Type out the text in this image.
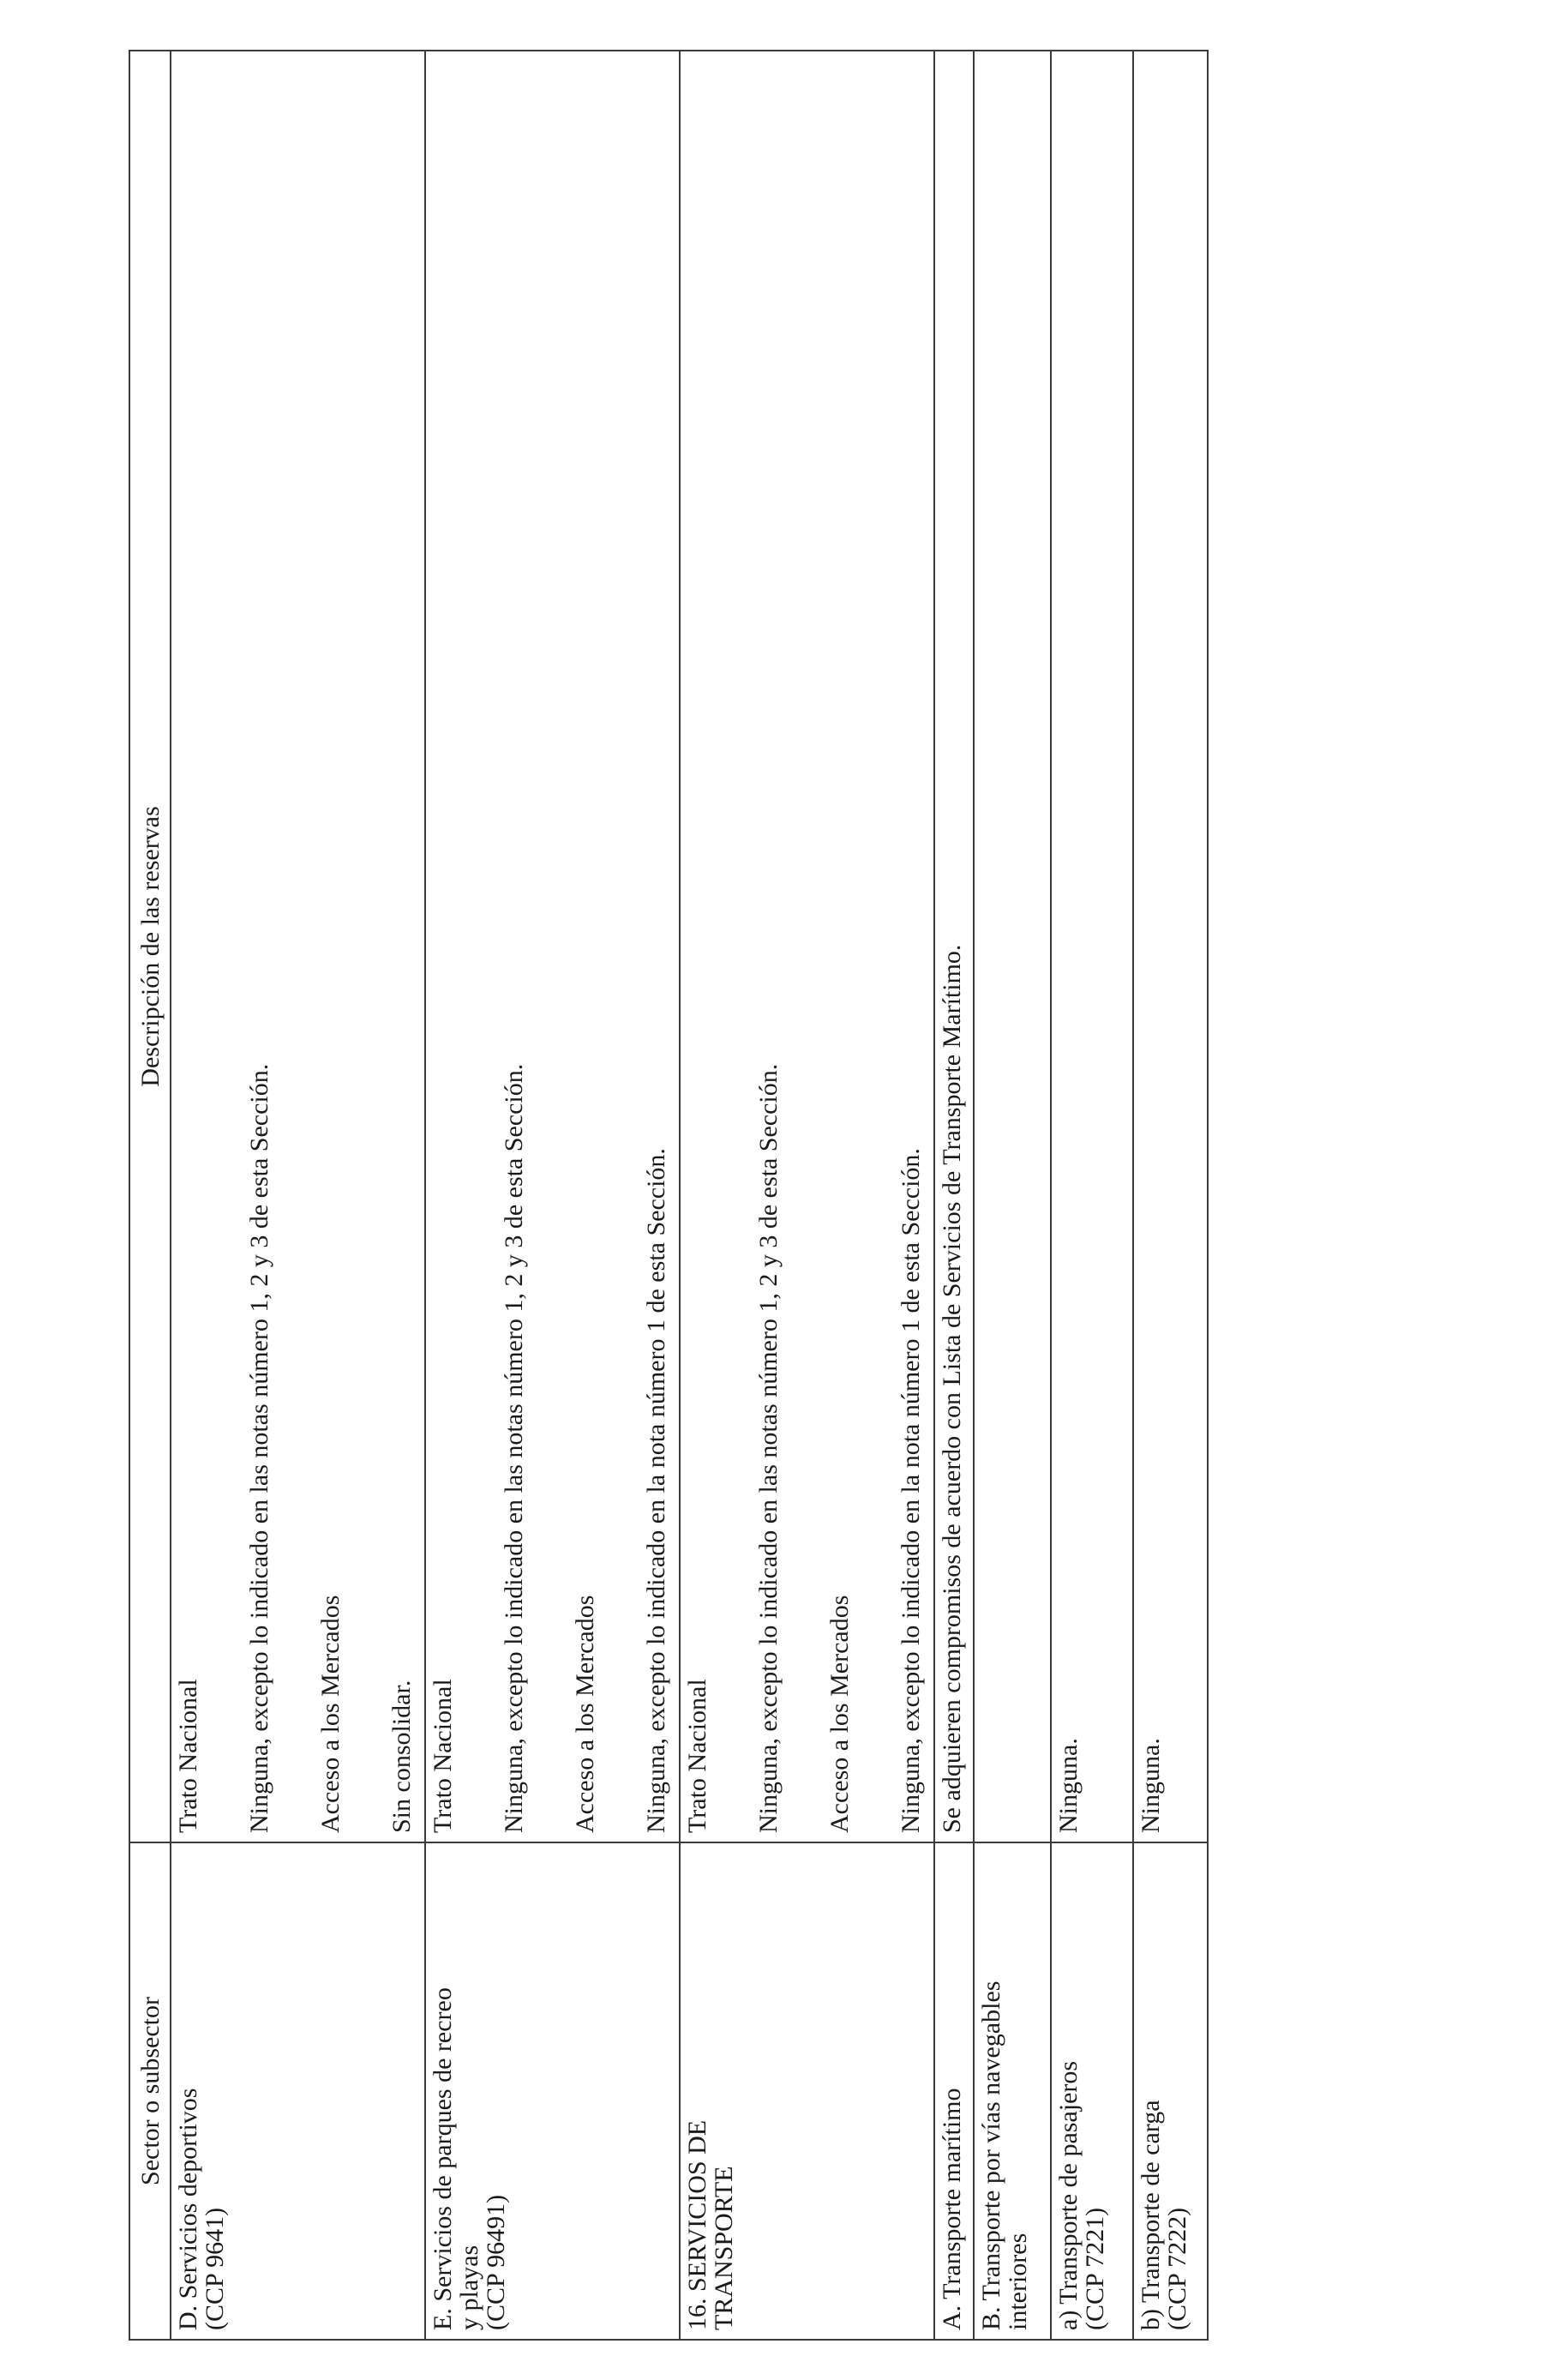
Sector o subsector	Descripción de las reservas

D. Servicios deportivos
(CCP 9641)	Trato Nacional Ninguna, excepto lo indicado en las notas número 1, 2 y 3 de esta Sección. Acceso a los Mercados Sin consolidar.

E. Servicios de parques de recreo
y playas
(CCP 96491)	Trato Nacional Ninguna, excepto lo indicado en las notas número 1, 2 y 3 de esta Sección. Acceso a los Mercados Ninguna, excepto lo indicado en la nota número 1 de esta Sección.

16. SERVICIOS DE
TRANSPORTE	Trato Nacional Ninguna, excepto lo indicado en las notas número 1, 2 y 3 de esta Sección. Acceso a los Mercados Ninguna, excepto lo indicado en la nota número 1 de esta Sección.

A. Transporte marítimo	Se adquieren compromisos de acuerdo con Lista de Servicios de Transporte Marítimo.

B. Transporte por vías navegables
interiores	

a) Transporte de pasajeros
(CCP 7221)	Ninguna.

b) Transporte de carga
(CCP 7222)	Ninguna.
